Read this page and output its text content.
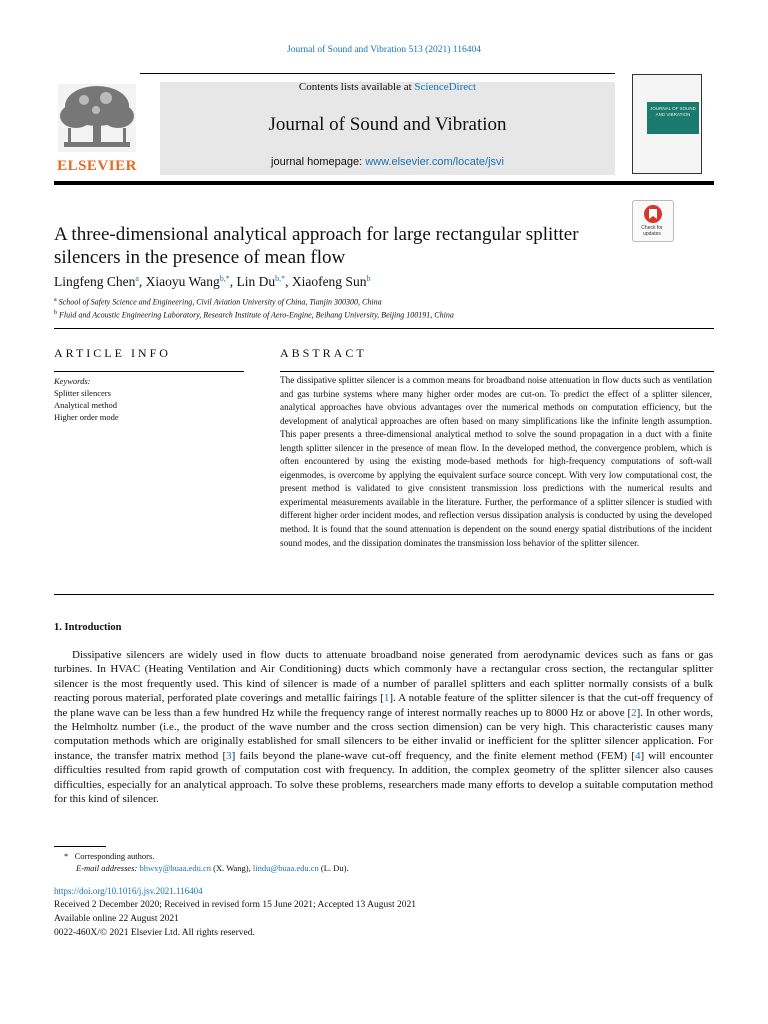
Journal of Sound and Vibration 513 (2021) 116404
ELSEVIER
Contents lists available at ScienceDirect
Journal of Sound and Vibration
journal homepage: www.elsevier.com/locate/jsvi
JOURNAL OF SOUND AND VIBRATION
Check for updates
A three-dimensional analytical approach for large rectangular splitter silencers in the presence of mean flow
Lingfeng Chen$^a$, Xiaoyu Wang$^{b,*}$, Lin $Du^{b,*}$, Xiaofeng Sun$^b$
$^a$ School of Safety Science and Engineering, Civil Aviation University of China, Tianjin 300300, China
$^b$ Fluid and Acoustic Engineering Laboratory, Research Institute of Aero-Engine, Beihang University, Beijing 100191, China
ARTICLE INFO	ABSTRACT
Keywords:
Splitter silencers
Analytical method
Higher order mode
The dissipative splitter silencer is a common means for broadband noise attenuation in flow ducts such as ventilation and gas turbine systems where many higher order modes are cut-on. To predict the effect of a splitter silencer, analytical approaches have obvious advantages over the numerical methods on computation efficiency, but the development of analytical approaches are often based on many simplifications like the infinite length assumption. This paper presents a three-dimensional analytical method to solve the sound propagation in a duct with a finite length splitter silencer in the presence of mean flow. In the developed method, the convergence problem, which is often encountered by using the existing mode-based methods for high-frequency computations of soft-wall eigenmodes, is overcome by applying the equivalent surface source concept. With very low computational cost, the present method is validated to give consistent transmission loss predictions with the numerical results and experimental measurements available in the literature. Further, the performance of a splitter silencer is studied with different higher order incident modes, and reflection versus dissipation analysis is conducted by using the developed method. It is found that the sound attenuation is dependent on the sound energy spatial distributions of the incident sound modes, and the dissipation dominates the transmission loss behavior of the splitter silencer.
1. Introduction
Dissipative silencers are widely used in flow ducts to attenuate broadband noise generated from aerodynamic devices such as fans or gas turbines. In HVAC (Heating Ventilation and Air Conditioning) ducts which commonly have a rectangular cross section, the rectangular splitter silencer is the most frequently used. This kind of silencer is made of a number of parallel splitters and each splitter normally consists of a bulk reacting porous material, perforated plate coverings and metallic fairings [1]. A notable feature of the splitter silencer is that the cut-off frequency of the plane wave can be less than a few hundred Hz while the frequency range of interest normally reaches up to 8000 Hz or above [2]. In other words, the Helmholtz number (i.e., the product of the wave number and the cross section dimension) can be very high. This characteristic causes many computation methods which are originally established for small silencers to be either invalid or inefficient for the splitter silencer application. For instance, the transfer matrix method [3] fails beyond the plane-wave cut-off frequency, and the finite element method (FEM) [4] will encounter difficulties resulted from rapid growth of computation cost with frequency. In addition, the complex geometry of the splitter silencer also causes difficulties, especially for an analytical approach. To solve these problems, researchers made many efforts to develop a suitable computation method for this kind of silencer.
* Corresponding authors.
E-mail addresses: bhwxy@buaa.edu.cn (X. Wang), lindu@buaa.edu.cn (L. Du).
https://doi.org/10.1016/j.jsv.2021.116404
Received 2 December 2020; Received in revised form 15 June 2021; Accepted 13 August 2021
Available online 22 August 2021
0022-460X/© 2021 Elsevier Ltd. All rights reserved.
